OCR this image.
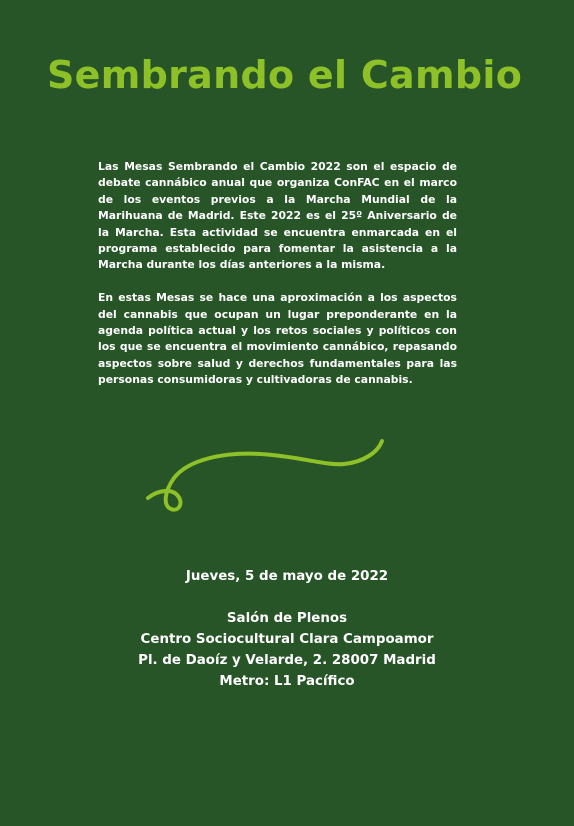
Sembrando el Cambio

Las Mesas Sembrando el Cambio 2022 son el espacio de debate cannábico anual que organiza ConFAC en el marco de los eventos previos a la Marcha Mundial de la Marihuana de Madrid. Este 2022 es el 25º Aniversario de la Marcha. Esta actividad se encuentra enmarcada en el programa establecido para fomentar la asistencia a la Marcha durante los días anteriores a la misma.

En estas Mesas se hace una aproximación a los aspectos del cannabis que ocupan un lugar preponderante en la agenda política actual y los retos sociales y políticos con los que se encuentra el movimiento cannábico, repasando aspectos sobre salud y derechos fundamentales para las personas consumidoras y cultivadoras de cannabis.

Jueves, 5 de mayo de 2022
Salón de Plenos
Centro Sociocultural Clara Campoamor
Pl. de Daoíz y Velarde, 2. 28007 Madrid
Metro: L1 Pacífico
